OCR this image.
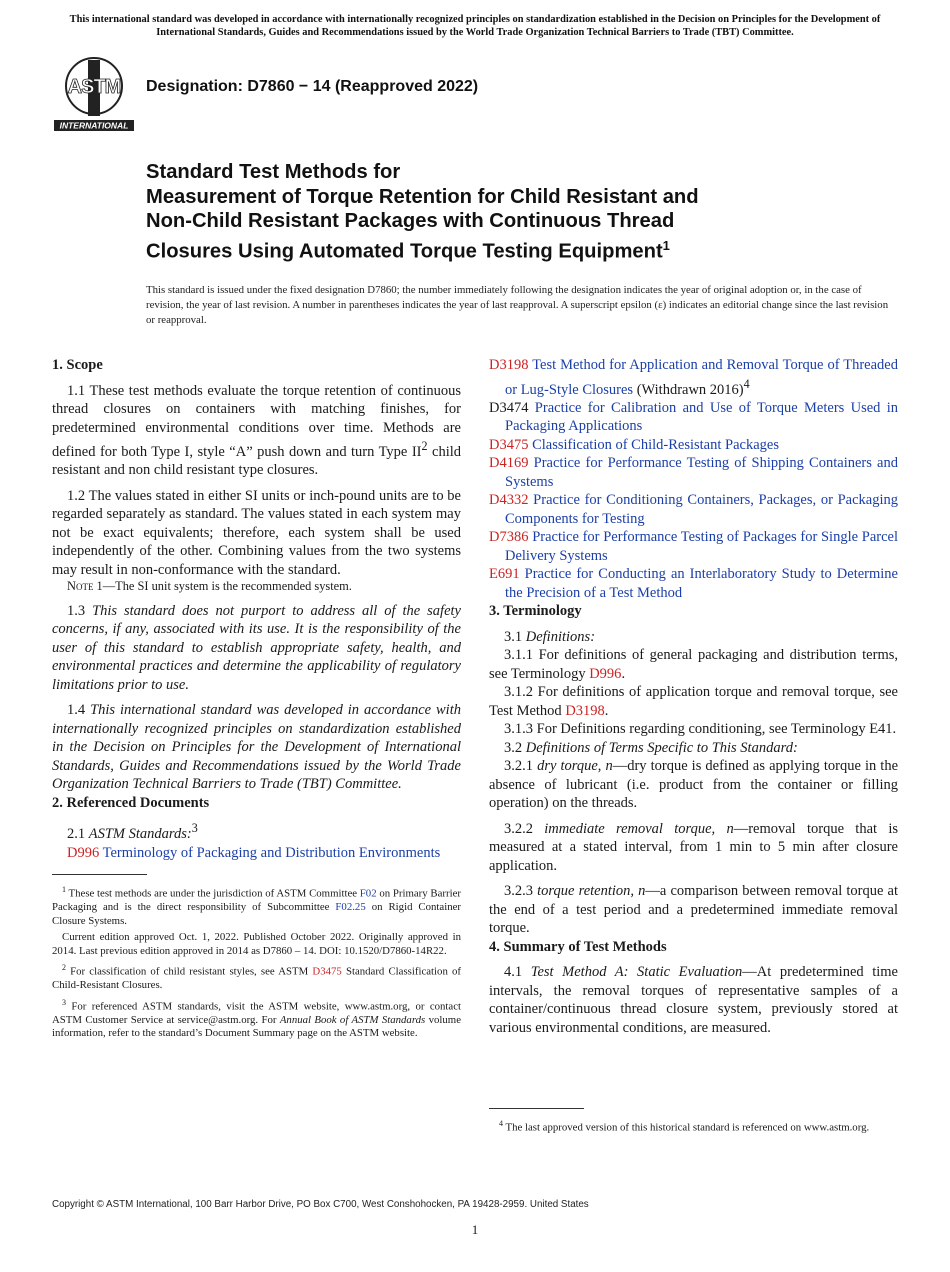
This international standard was developed in accordance with internationally recognized principles on standardization established in the Decision on Principles for the Development of International Standards, Guides and Recommendations issued by the World Trade Organization Technical Barriers to Trade (TBT) Committee.
ASTM
INTERNATIONAL
Designation: D7860 − 14 (Reapproved 2022)
Standard Test Methods for
Measurement of Torque Retention for Child Resistant and
Non-Child Resistant Packages with Continuous Thread
Closures Using Automated Torque Testing Equipment$^1$
This standard is issued under the fixed designation D7860; the number immediately following the designation indicates the year of original adoption or, in the case of revision, the year of last revision. A number in parentheses indicates the year of last reapproval. A superscript epsilon (ε) indicates an editorial change since the last revision or reapproval.
1. Scope

1.1 These test methods evaluate the torque retention of continuous thread closures on containers with matching finishes, for predetermined environmental conditions over time. Methods are defined for both Type I, style “A” push down and turn Type $II^2$ child resistant and non child resistant type closures.

1.2 The values stated in either SI units or inch-pound units are to be regarded separately as standard. The values stated in each system may not be exact equivalents; therefore, each system shall be used independently of the other. Combining values from the two systems may result in non-conformance with the standard.

Note 1—The SI unit system is the recommended system.

1.3 This standard does not purport to address all of the safety concerns, if any, associated with its use. It is the responsibility of the user of this standard to establish appropriate safety, health, and environmental practices and determine the applicability of regulatory limitations prior to use.

1.4 This international standard was developed in accordance with internationally recognized principles on standardization established in the Decision on Principles for the Development of International Standards, Guides and Recommendations issued by the World Trade Organization Technical Barriers to Trade (TBT) Committee.

2. Referenced Documents

2.1 ASTM Standards:$^3$

D996 Terminology of Packaging and Distribution Environments

$^1$ These test methods are under the jurisdiction of ASTM Committee F02 on Primary Barrier Packaging and is the direct responsibility of Subcommittee F02.25 on Rigid Container Closure Systems.

Current edition approved Oct. 1, 2022. Published October 2022. Originally approved in 2014. Last previous edition approved in 2014 as D7860 – 14. DOI: 10.1520/D7860-14R22.

$^2$ For classification of child resistant styles, see ASTM D3475 Standard Classification of Child-Resistant Closures.

$^3$ For referenced ASTM standards, visit the ASTM website, www.astm.org, or contact ASTM Customer Service at service@astm.org. For Annual Book of ASTM Standards volume information, refer to the standard’s Document Summary page on the ASTM website.

D3198 Test Method for Application and Removal Torque of Threaded or Lug-Style Closures (Withdrawn 2016)$^4$

D3474 Practice for Calibration and Use of Torque Meters Used in Packaging Applications

D3475 Classification of Child-Resistant Packages

D4169 Practice for Performance Testing of Shipping Containers and Systems

D4332 Practice for Conditioning Containers, Packages, or Packaging Components for Testing

D7386 Practice for Performance Testing of Packages for Single Parcel Delivery Systems

E691 Practice for Conducting an Interlaboratory Study to Determine the Precision of a Test Method

3. Terminology

3.1 Definitions:

3.1.1 For definitions of general packaging and distribution terms, see Terminology D996.

3.1.2 For definitions of application torque and removal torque, see Test Method D3198.

3.1.3 For Definitions regarding conditioning, see Terminology E41.

3.2 Definitions of Terms Specific to This Standard:

3.2.1 dry torque, n—dry torque is defined as applying torque in the absence of lubricant (i.e. product from the container or filling operation) on the threads.

3.2.2 immediate removal torque, n—removal torque that is measured at a stated interval, from 1 min to 5 min after closure application.

3.2.3 torque retention, n—a comparison between removal torque at the end of a test period and a predetermined immediate removal torque.

4. Summary of Test Methods

4.1 Test Method A: Static Evaluation—At predetermined time intervals, the removal torques of representative samples of a container/continuous thread closure system, previously stored at various environmental conditions, are measured.

$^4$ The last approved version of this historical standard is referenced on www.astm.org.

Copyright © ASTM International, 100 Barr Harbor Drive, PO Box C700, West Conshohocken, PA 19428-2959. United States
1
